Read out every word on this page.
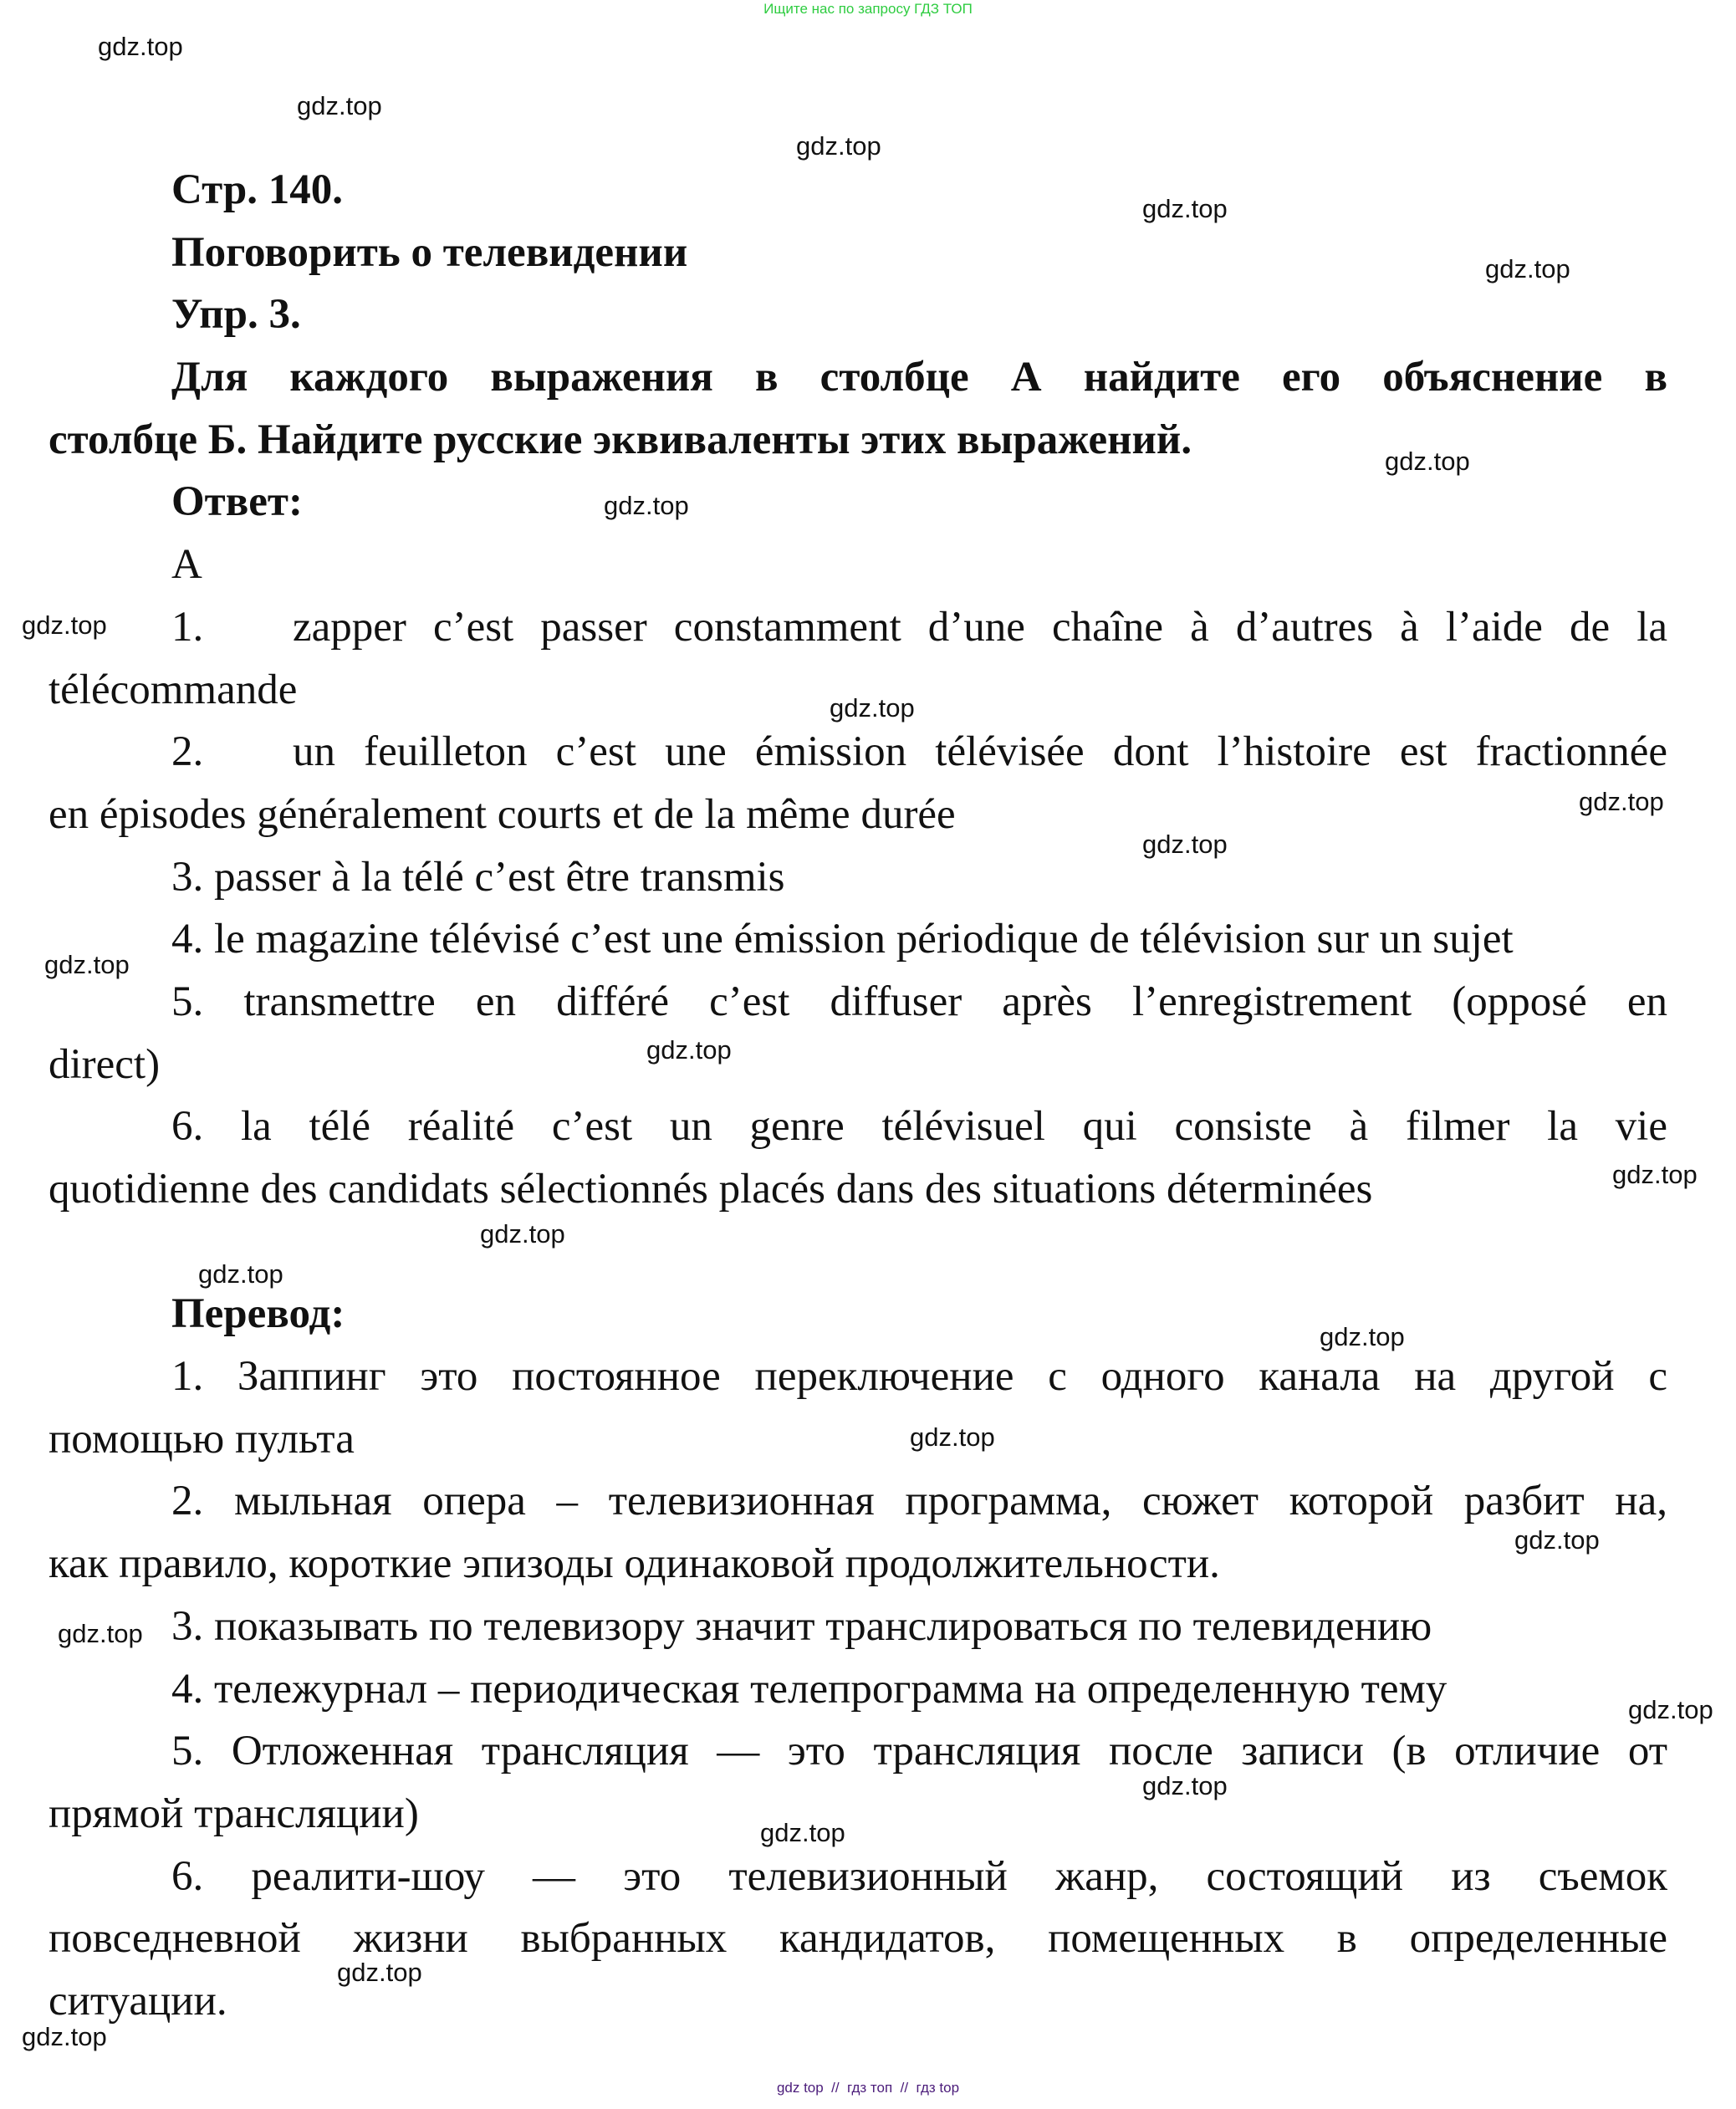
Ищите нас по запросу ГДЗ ТОП
Стр. 140.
Поговорить о телевидении
Упр. 3.
Для каждого выражения в столбце А найдите его объяснение в
столбце Б. Найдите русские эквиваленты этих выражений.
Ответ:
A
1.	zapper c’est passer constamment d’une chaîne à d’autres à l’aide de la
télécommande
2.	un feuilleton c’est une émission télévisée dont l’histoire est fractionnée
en épisodes généralement courts et de la même durée
3. passer à la télé c’est être transmis
4. le magazine télévisé c’est une émission périodique de télévision sur un sujet
5. transmettre en différé c’est diffuser après l’enregistrement (opposé en
direct)
6. la télé réalité c’est un genre télévisuel qui consiste à filmer la vie
quotidienne des candidats sélectionnés placés dans des situations déterminées
Перевод:
1. Заппинг это постоянное переключение с одного канала на другой с
помощью пульта
2. мыльная опера – телевизионная программа, сюжет которой разбит на,
как правило, короткие эпизоды одинаковой продолжительности.
3. показывать по телевизору значит транслироваться по телевидению
4. тележурнал – периодическая телепрограмма на определенную тему
5. Отложенная трансляция — это трансляция после записи (в отличие от
прямой трансляции)
6. реалити-шоу — это телевизионный жанр, состоящий из съемок
повседневной жизни выбранных кандидатов, помещенных в определенные
ситуации.
gdz.top
gdz.top
gdz.top
gdz.top
gdz.top
gdz.top
gdz.top
gdz.top
gdz.top
gdz.top
gdz.top
gdz.top
gdz.top
gdz.top
gdz.top
gdz.top
gdz.top
gdz.top
gdz.top
gdz.top
gdz.top
gdz.top
gdz.top
gdz.top
gdz.top
gdz top  //  гдз топ  //  гдз top
